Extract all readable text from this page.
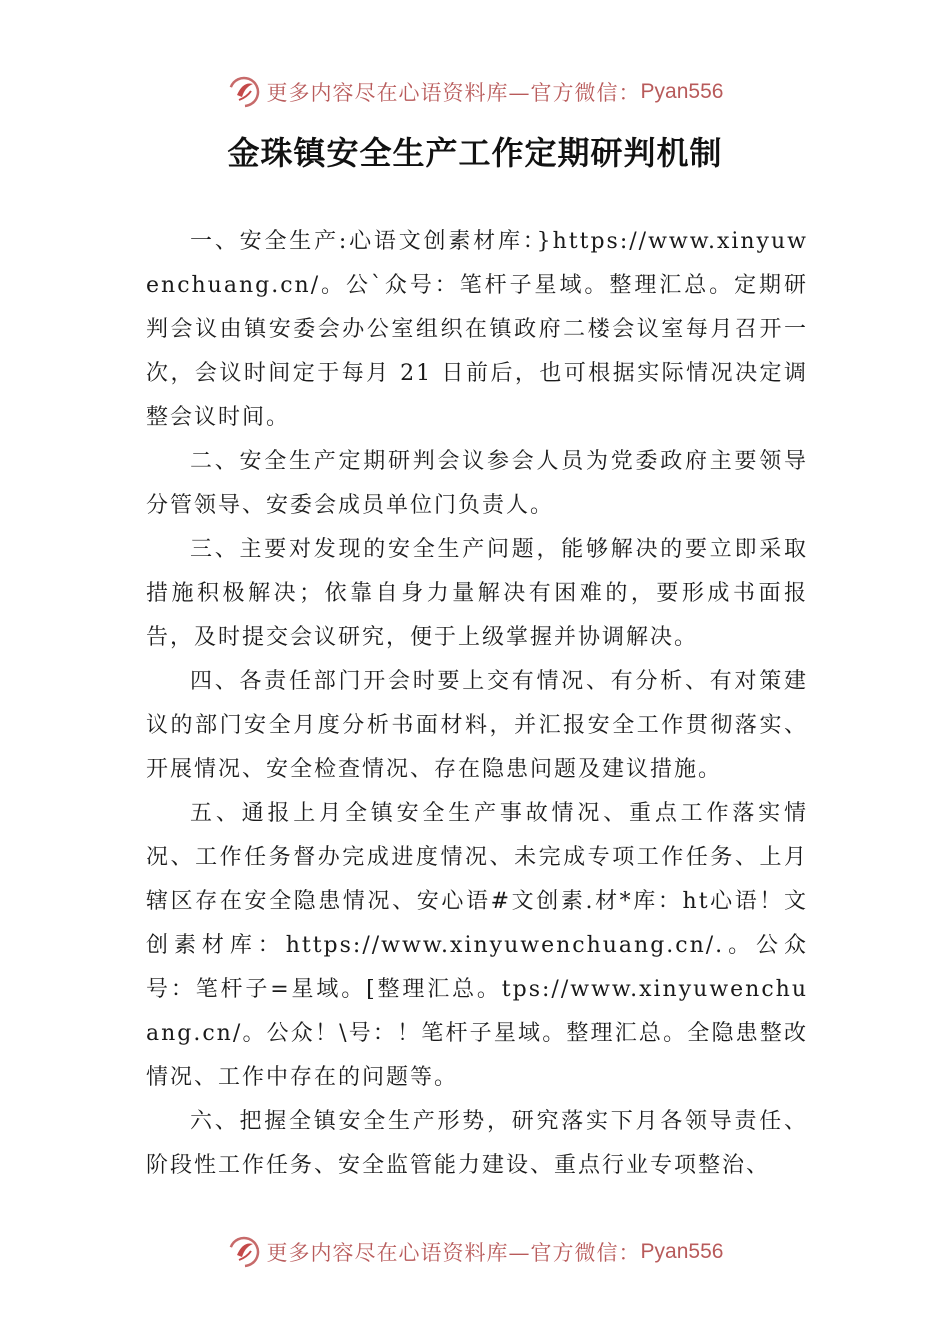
更多内容尽在心语资料库—官方微信： Pyan556
金珠镇安全生产工作定期研判机制

一、安全生产:心语文创素材库：}https://www.xinyuwenchuang.cn/。公`众号：笔杆子星域。整理汇总。定期研判会议由镇安委会办公室组织在镇政府二楼会议室每月召开一次，会议时间定于每月 21 日前后，也可根据实际情况决定调整会议时间。

二、安全生产定期研判会议参会人员为党委政府主要领导分管领导、安委会成员单位门负责人。

三、主要对发现的安全生产问题，能够解决的要立即采取措施积极解决；依靠自身力量解决有困难的，要形成书面报告，及时提交会议研究，便于上级掌握并协调解决。

四、各责任部门开会时要上交有情况、有分析、有对策建议的部门安全月度分析书面材料，并汇报安全工作贯彻落实、开展情况、安全检查情况、存在隐患问题及建议措施。

五、通报上月全镇安全生产事故情况、重点工作落实情况、工作任务督办完成进度情况、未完成专项工作任务、上月辖区存在安全隐患情况、安心语#文创素.材*库：ht心语！文创素材库：https://www.xinyuwenchuang.cn/.。公众号：笔杆子=星域。[整理汇总。tps://www.xinyuwenchuang.cn/。公众！\号：！笔杆子星域。整理汇总。全隐患整改情况、工作中存在的问题等。

六、把握全镇安全生产形势，研究落实下月各领导责任、阶段性工作任务、安全监管能力建设、重点行业专项整治、

更多内容尽在心语资料库—官方微信： Pyan556
